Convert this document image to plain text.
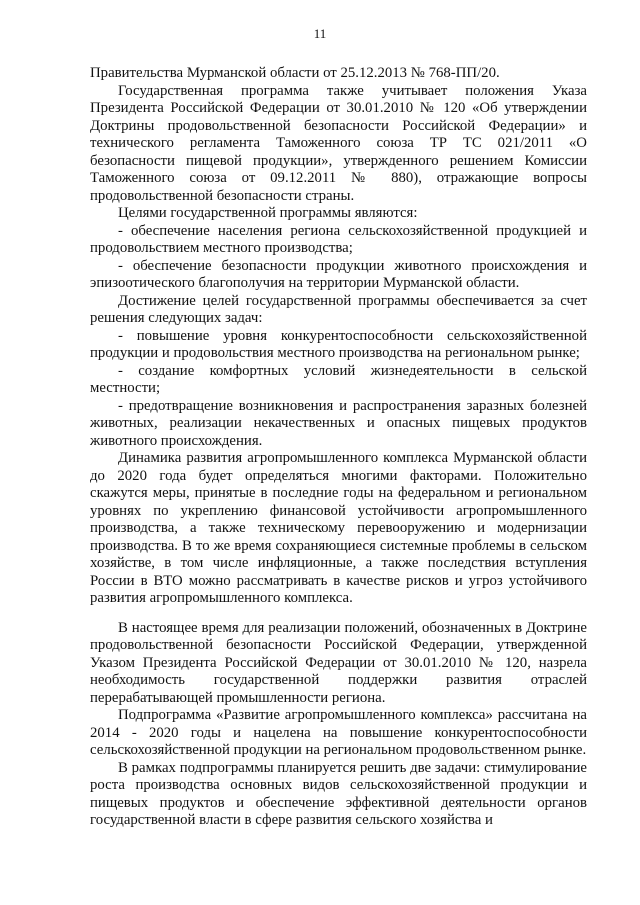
11

Правительства Мурманской области от 25.12.2013 № 768-ПП/20.

Государственная программа также учитывает положения Указа Президента Российской Федерации от 30.01.2010 № 120 «Об утверждении Доктрины продовольственной безопасности Российской Федерации» и технического регламента Таможенного союза ТР ТС 021/2011 «О безопасности пищевой продукции», утвержденного решением Комиссии Таможенного союза от 09.12.2011 № 880), отражающие вопросы продовольственной безопасности страны.

Целями государственной программы являются:

- обеспечение населения региона сельскохозяйственной продукцией и продовольствием местного производства;

- обеспечение безопасности продукции животного происхождения и эпизоотического благополучия на территории Мурманской области.

Достижение целей государственной программы обеспечивается за счет решения следующих задач:

- повышение уровня конкурентоспособности сельскохозяйственной продукции и продовольствия местного производства на региональном рынке;

- создание комфортных условий жизнедеятельности в сельской местности;

- предотвращение возникновения и распространения заразных болезней животных, реализации некачественных и опасных пищевых продуктов животного происхождения.

Динамика развития агропромышленного комплекса Мурманской области до 2020 года будет определяться многими факторами. Положительно скажутся меры, принятые в последние годы на федеральном и региональном уровнях по укреплению финансовой устойчивости агропромышленного производства, а также техническому перевооружению и модернизации производства. В то же время сохраняющиеся системные проблемы в сельском хозяйстве, в том числе инфляционные, а также последствия вступления России в ВТО можно рассматривать в качестве рисков и угроз устойчивого развития агропромышленного комплекса.

В настоящее время для реализации положений, обозначенных в Доктрине продовольственной безопасности Российской Федерации, утвержденной Указом Президента Российской Федерации от 30.01.2010 № 120, назрела необходимость государственной поддержки развития отраслей перерабатывающей промышленности региона.

Подпрограмма «Развитие агропромышленного комплекса» рассчитана на 2014 - 2020 годы и нацелена на повышение конкурентоспособности сельскохозяйственной продукции на региональном продовольственном рынке.

В рамках подпрограммы планируется решить две задачи: стимулирование роста производства основных видов сельскохозяйственной продукции и пищевых продуктов и обеспечение эффективной деятельности органов государственной власти в сфере развития сельского хозяйства и
